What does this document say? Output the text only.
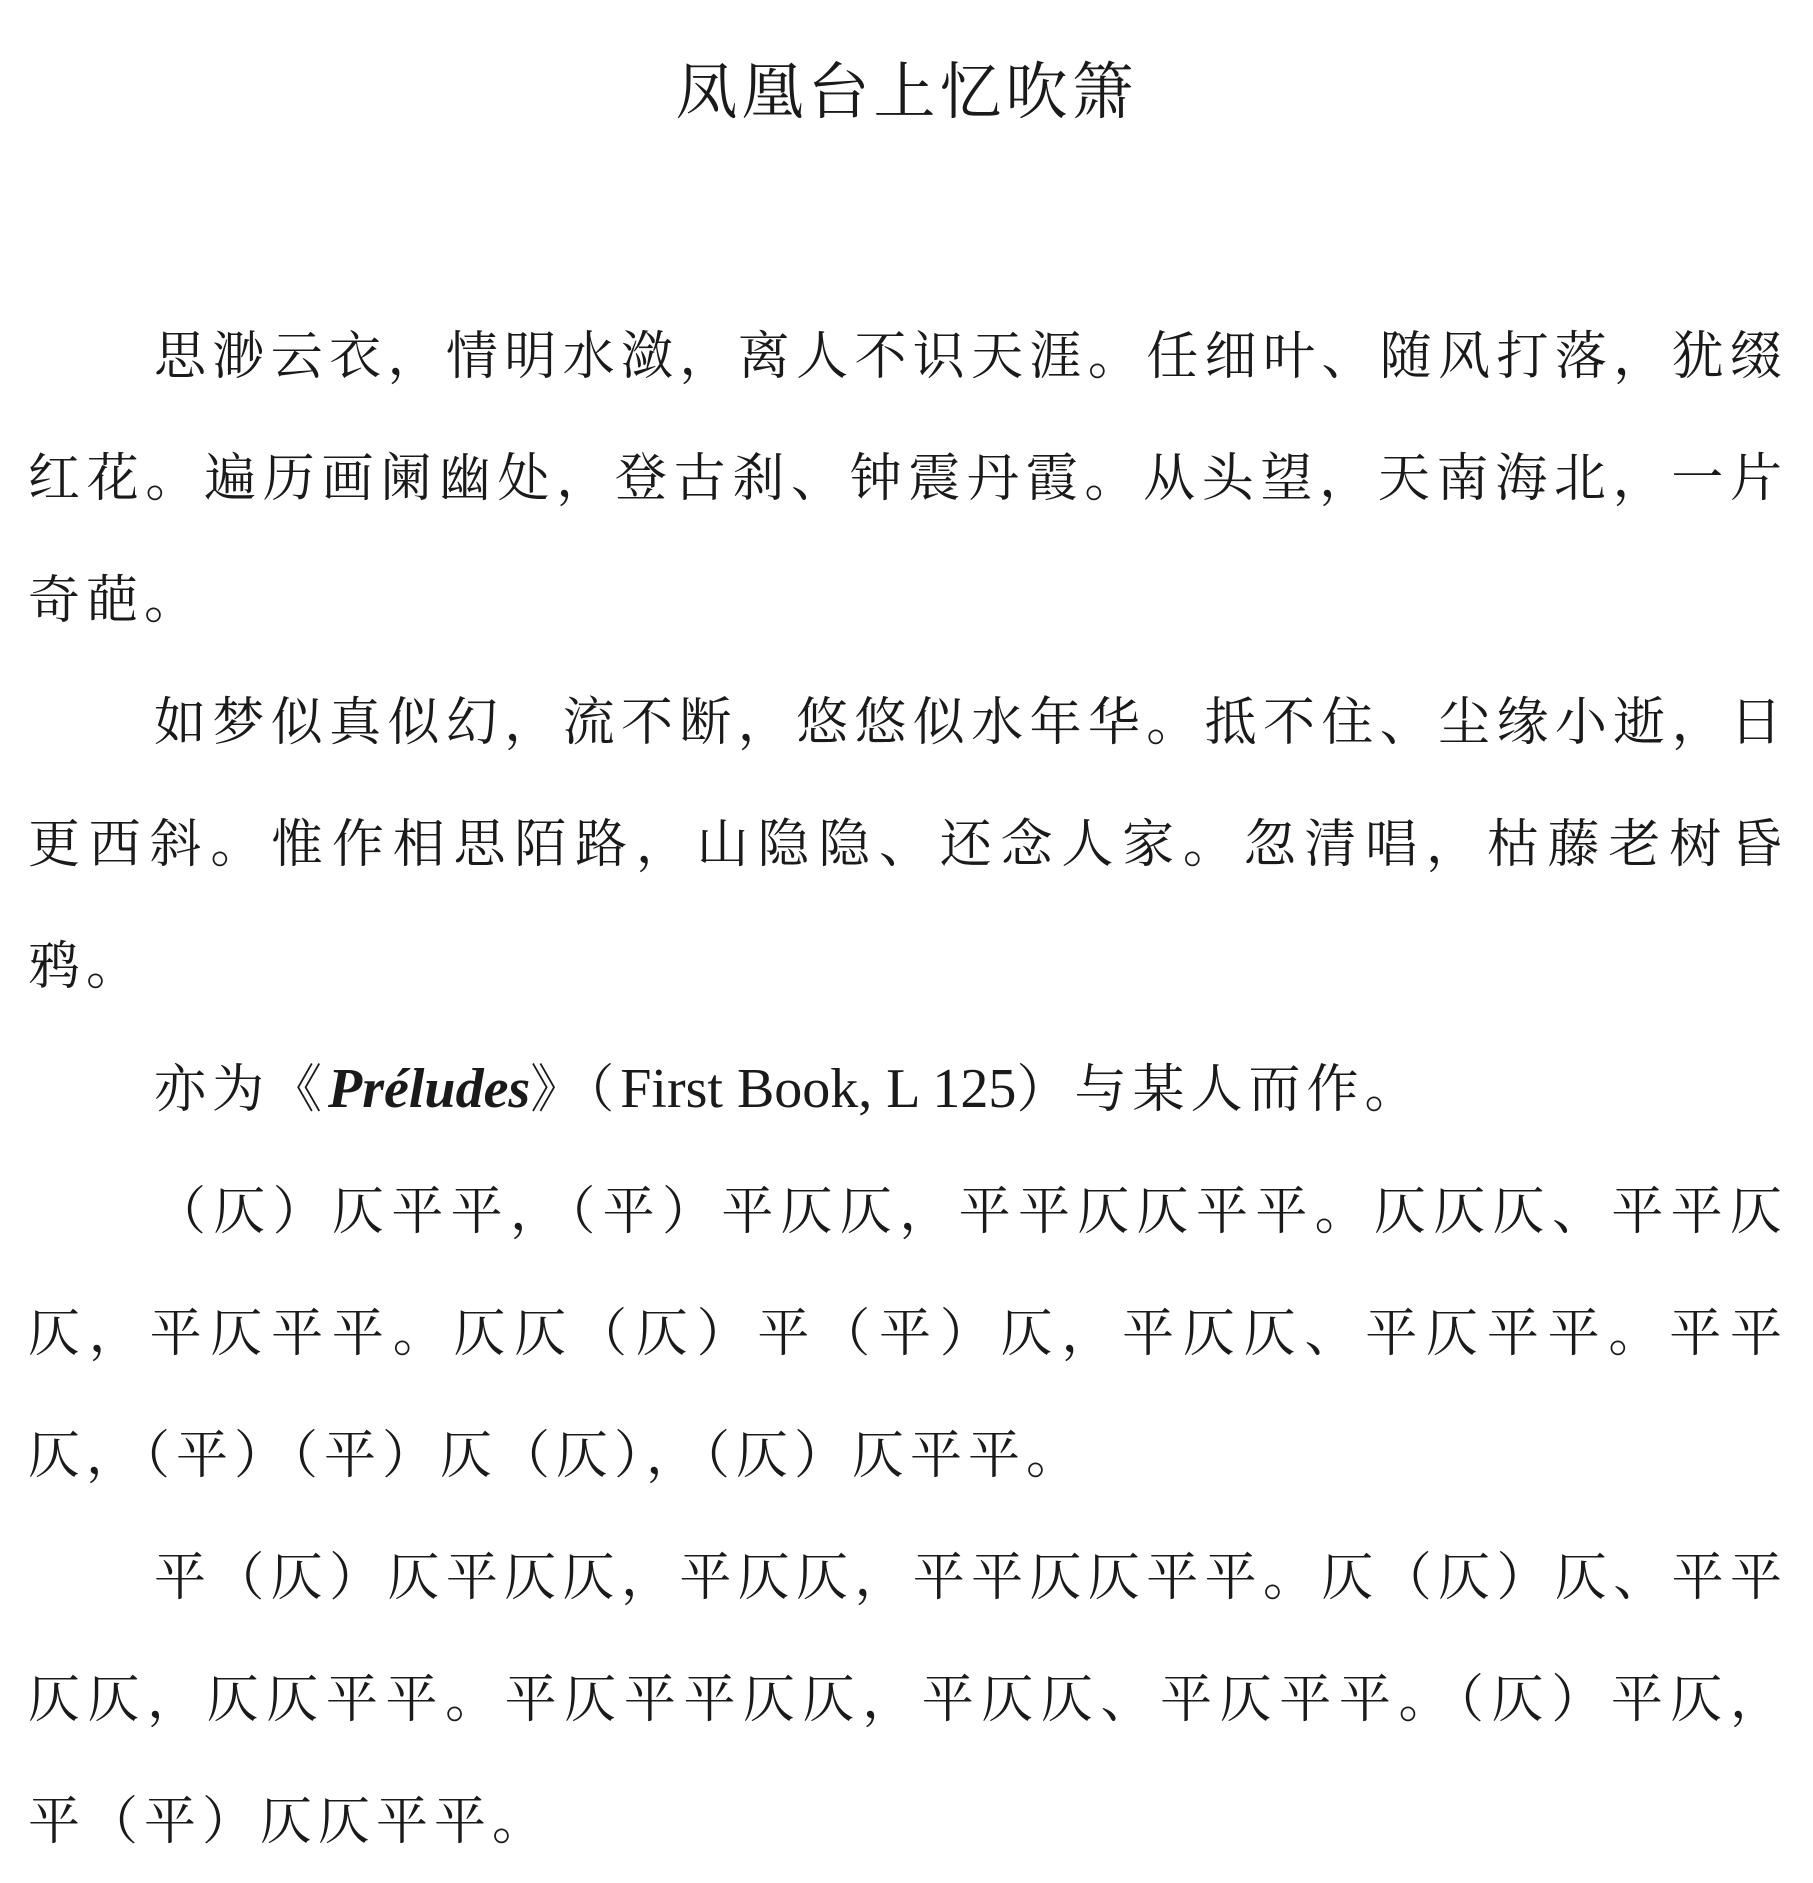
凤凰台上忆吹箫

思渺云衣，情明水潋，离人不识天涯。任细叶、随风打落，犹缀红花。遍历画阑幽处，登古刹、钟震丹霞。从头望，天南海北，一片奇葩。

如梦似真似幻，流不断，悠悠似水年华。抵不住、尘缘小逝，日更西斜。惟作相思陌路，山隐隐、还念人家。忽清唱，枯藤老树昏鸦。

亦为《Préludes》（First Book, L 125）与某人而作。

（仄）仄平平，（平）平仄仄，平平仄仄平平。仄仄仄、平平仄仄，平仄平平。仄仄（仄）平（平）仄，平仄仄、平仄平平。平平仄，（平）（平）仄（仄），（仄）仄平平。

平（仄）仄平仄仄，平仄仄，平平仄仄平平。仄（仄）仄、平平仄仄，仄仄平平。平仄平平仄仄，平仄仄、平仄平平。（仄）平仄，平（平）仄仄平平。
